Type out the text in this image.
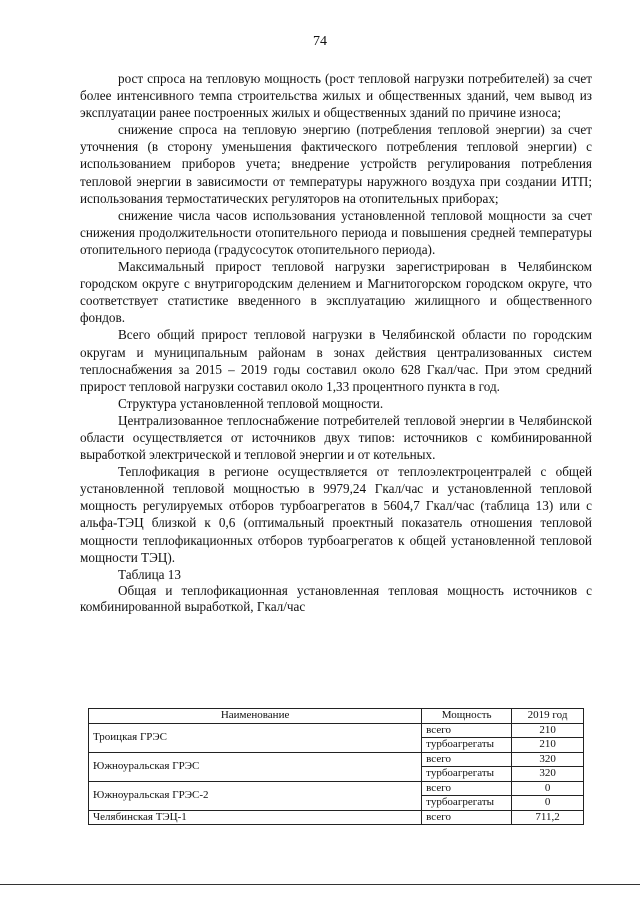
74

рост спроса на тепловую мощность (рост тепловой нагрузки потребителей) за счет более интенсивного темпа строительства жилых и общественных зданий, чем вывод из эксплуатации ранее построенных жилых и общественных зданий по причине износа;

снижение спроса на тепловую энергию (потребления тепловой энергии) за счет уточнения (в сторону уменьшения фактического потребления тепловой энергии) с использованием приборов учета; внедрение устройств регулирования потребления тепловой энергии в зависимости от температуры наружного воздуха при создании ИТП; использования термостатических регуляторов на отопительных приборах;

снижение числа часов использования установленной тепловой мощности за счет снижения продолжительности отопительного периода и повышения средней температуры отопительного периода (градусосуток отопительного периода).

Максимальный прирост тепловой нагрузки зарегистрирован в Челябинском городском округе с внутригородским делением и Магнитогорском городском округе, что соответствует статистике введенного в эксплуатацию жилищного и общественного фондов.

Всего общий прирост тепловой нагрузки в Челябинской области по городским округам и муниципальным районам в зонах действия централизованных систем теплоснабжения за 2015 – 2019 годы составил около 628 Гкал/час. При этом средний прирост тепловой нагрузки составил около 1,33 процентного пункта в год.

Структура установленной тепловой мощности.

Централизованное теплоснабжение потребителей тепловой энергии в Челябинской области осуществляется от источников двух типов: источников с комбинированной выработкой электрической и тепловой энергии и от котельных.

Теплофикация в регионе осуществляется от теплоэлектроцентралей с общей установленной тепловой мощностью в 9979,24 Гкал/час и установленной тепловой мощность регулируемых отборов турбоагрегатов в 5604,7 Гкал/час (таблица 13) или с альфа-ТЭЦ близкой к 0,6 (оптимальный проектный показатель отношения тепловой мощности теплофикационных отборов турбоагрегатов к общей установленной тепловой мощности ТЭЦ).

Таблица 13

Общая и теплофикационная установленная тепловая мощность источников с комбинированной выработкой, Гкал/час

Наименование	Мощность	2019 год
Троицкая ГРЭС	всего	210
	турбоагрегаты	210
Южноуральская ГРЭС	всего	320
	турбоагрегаты	320
Южноуральская ГРЭС-2	всего	0
	турбоагрегаты	0
Челябинская ТЭЦ-1	всего	711,2
